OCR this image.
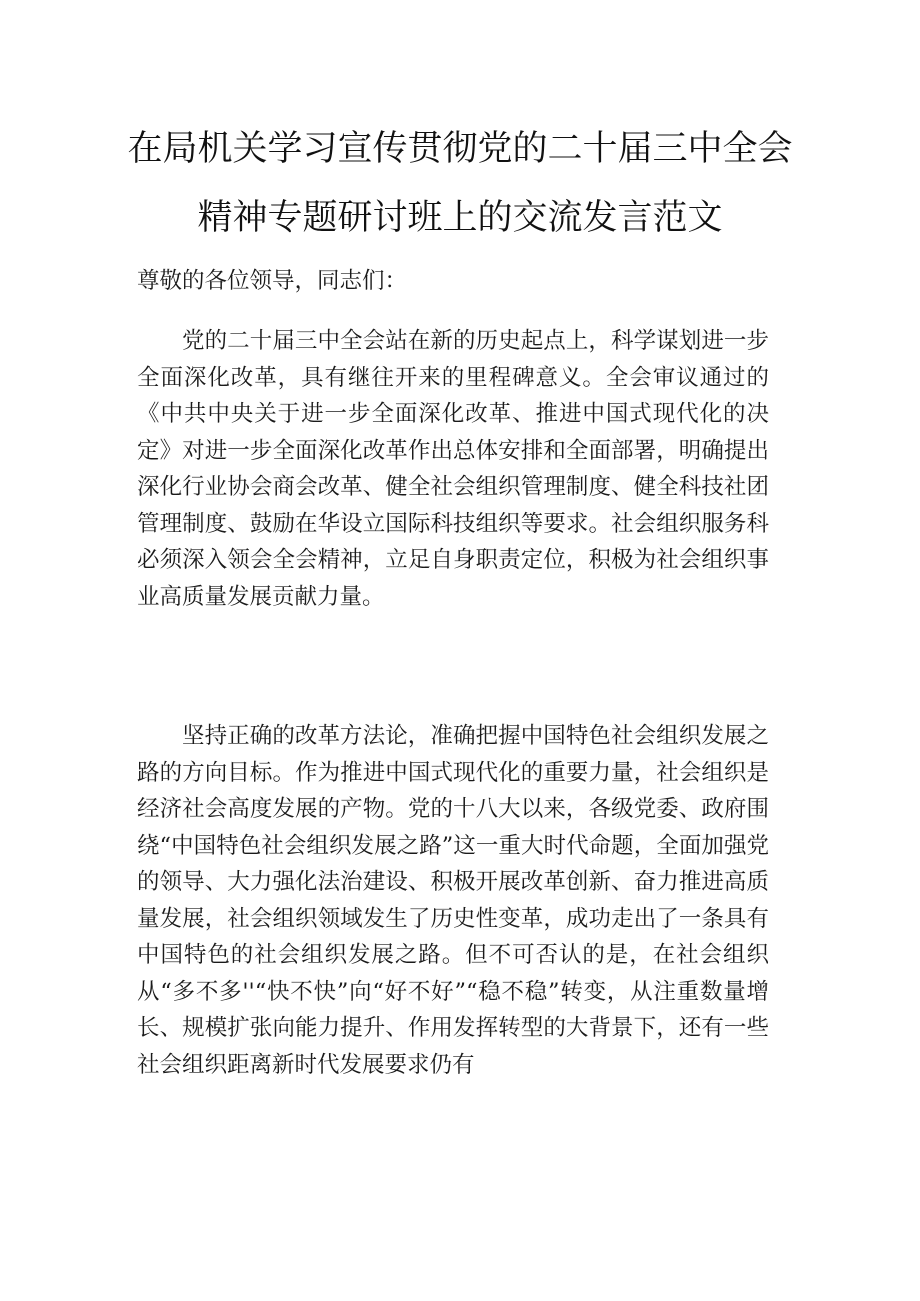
在局机关学习宣传贯彻党的二十届三中全会
精神专题研讨班上的交流发言范文
尊敬的各位领导，同志们：
党的二十届三中全会站在新的历史起点上，科学谋划进一步全面深化改革，具有继往开来的里程碑意义。全会审议通过的《中共中央关于进一步全面深化改革、推进中国式现代化的决定》对进一步全面深化改革作出总体安排和全面部署，明确提出深化行业协会商会改革、健全社会组织管理制度、健全科技社团管理制度、鼓励在华设立国际科技组织等要求。社会组织服务科必须深入领会全会精神，立足自身职责定位，积极为社会组织事业高质量发展贡献力量。
坚持正确的改革方法论，准确把握中国特色社会组织发展之路的方向目标。作为推进中国式现代化的重要力量，社会组织是经济社会高度发展的产物。党的十八大以来，各级党委、政府围绕“中国特色社会组织发展之路”这一重大时代命题，全面加强党的领导、大力强化法治建设、积极开展改革创新、奋力推进高质量发展，社会组织领域发生了历史性变革，成功走出了一条具有中国特色的社会组织发展之路。但不可否认的是，在社会组织从“多不多''“快不快”向“好不好”“稳不稳”转变，从注重数量增长、规模扩张向能力提升、作用发挥转型的大背景下，还有一些社会组织距离新时代发展要求仍有
